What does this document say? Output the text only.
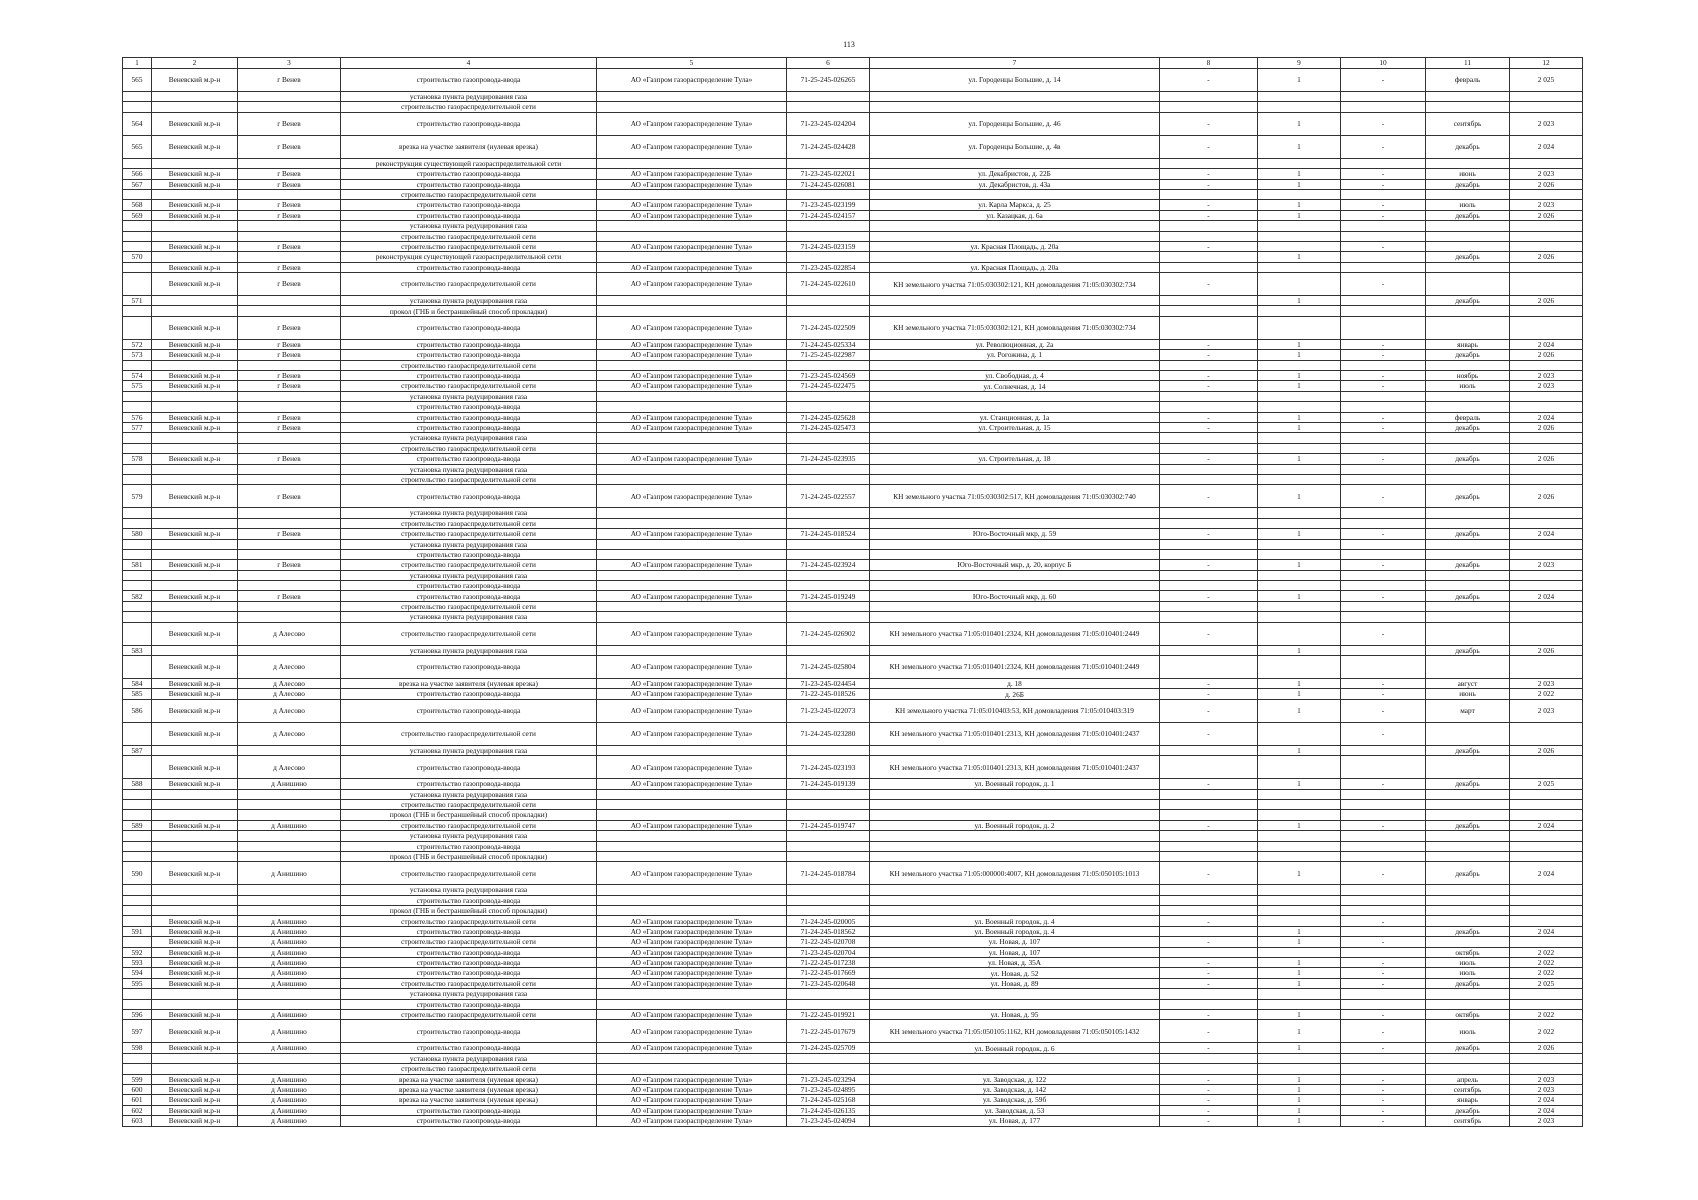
113
1	2	3	4	5	6	7	8	9	10	11	12
565	Веневский м.р-н	г Венев	строительство газопровода-ввода	АО «Газпром газораспределение Тула»	71-25-245-026265	ул. Городенцы Большие, д. 14	-	1	-	февраль	2 025
			установка пункта редуцирования газа								
			строительство газораспределительной сети								
564	Веневский м.р-н	г Венев	строительство газопровода-ввода	АО «Газпром газораспределение Тула»	71-23-245-024204	ул. Городенцы Большие, д. 46	-	1	-	сентябрь	2 023
565	Веневский м.р-н	г Венев	врезка на участке заявителя (нулевая врезка)	АО «Газпром газораспределение Тула»	71-24-245-024428	ул. Городенцы Большие, д. 4в	-	1	-	декабрь	2 024
			реконструкция существующей газораспределительной сети								
566	Веневский м.р-н	г Венев	строительство газопровода-ввода	АО «Газпром газораспределение Тула»	71-23-245-022021	ул. Декабристов, д. 22Б	-	1	-	июнь	2 023
567	Веневский м.р-н	г Венев	строительство газопровода-ввода	АО «Газпром газораспределение Тула»	71-24-245-026081	ул. Декабристов, д. 43а	-	1	-	декабрь	2 026
			строительство газораспределительной сети								
568	Веневский м.р-н	г Венев	строительство газопровода-ввода	АО «Газпром газораспределение Тула»	71-23-245-023199	ул. Карла Маркса, д. 25	-	1	-	июль	2 023
569	Веневский м.р-н	г Венев	строительство газопровода-ввода	АО «Газпром газораспределение Тула»	71-24-245-024157	ул. Казацкая, д. 6а	-	1	-	декабрь	2 026
			установка пункта редуцирования газа								
			строительство газораспределительной сети								
	Веневский м.р-н	г Венев	строительство газораспределительной сети	АО «Газпром газораспределение Тула»	71-24-245-023159	ул. Красная Площадь, д. 20а	-		-		
570			реконструкция существующей газораспределительной сети					1		декабрь	2 026
	Веневский м.р-н	г Венев	строительство газопровода-ввода	АО «Газпром газораспределение Тула»	71-23-245-022854	ул. Красная Площадь, д. 20а					
	Веневский м.р-н	г Венев	строительство газораспределительной сети	АО «Газпром газораспределение Тула»	71-24-245-022610	КН земельного участка 71:05:030302:121, КН домовладения 71:05:030302:734	-		-		
571			установка пункта редуцирования газа					1		декабрь	2 026
			прокол (ГНБ и бестраншейный способ прокладки)								
	Веневский м.р-н	г Венев	строительство газопровода-ввода	АО «Газпром газораспределение Тула»	71-24-245-022509	КН земельного участка 71:05:030302:121, КН домовладения 71:05:030302:734					
572	Веневский м.р-н	г Венев	строительство газопровода-ввода	АО «Газпром газораспределение Тула»	71-24-245-025334	ул. Революционная, д. 2а	-	1	-	январь	2 024
573	Веневский м.р-н	г Венев	строительство газопровода-ввода	АО «Газпром газораспределение Тула»	71-25-245-022987	ул. Рогожина, д. 1	-	1	-	декабрь	2 026
			строительство газораспределительной сети								
574	Веневский м.р-н	г Венев	строительство газопровода-ввода	АО «Газпром газораспределение Тула»	71-23-245-024569	ул. Свободная, д. 4	-	1	-	ноябрь	2 023
575	Веневский м.р-н	г Венев	строительство газораспределительной сети	АО «Газпром газораспределение Тула»	71-24-245-022475	ул. Солнечная, д. 14	-	1	-	июль	2 023
			установка пункта редуцирования газа								
			строительство газопровода-ввода								
576	Веневский м.р-н	г Венев	строительство газопровода-ввода	АО «Газпром газораспределение Тула»	71-24-245-025628	ул. Станционная, д. 1а	-	1	-	февраль	2 024
577	Веневский м.р-н	г Венев	строительство газопровода-ввода	АО «Газпром газораспределение Тула»	71-24-245-025473	ул. Строительная, д. 15	-	1	-	декабрь	2 026
			установка пункта редуцирования газа								
			строительство газораспределительной сети								
578	Веневский м.р-н	г Венев	строительство газопровода-ввода	АО «Газпром газораспределение Тула»	71-24-245-023935	ул. Строительная, д. 18	-	1	-	декабрь	2 026
			установка пункта редуцирования газа								
			строительство газораспределительной сети								
579	Веневский м.р-н	г Венев	строительство газопровода-ввода	АО «Газпром газораспределение Тула»	71-24-245-022557	КН земельного участка 71:05:030302:517, КН домовладения 71:05:030302:740	-	1	-	декабрь	2 026
			установка пункта редуцирования газа								
			строительство газораспределительной сети								
580	Веневский м.р-н	г Венев	строительство газораспределительной сети	АО «Газпром газораспределение Тула»	71-24-245-018524	Юго-Восточный мкр, д. 59	-	1	-	декабрь	2 024
			установка пункта редуцирования газа								
			строительство газопровода-ввода								
581	Веневский м.р-н	г Венев	строительство газораспределительной сети	АО «Газпром газораспределение Тула»	71-24-245-023924	Юго-Восточный мкр, д. 20, корпус Б	-	1	-	декабрь	2 023
			установка пункта редуцирования газа								
			строительство газопровода-ввода								
582	Веневский м.р-н	г Венев	строительство газопровода-ввода	АО «Газпром газораспределение Тула»	71-24-245-019249	Юго-Восточный мкр, д. 60	-	1	-	декабрь	2 024
			строительство газораспределительной сети								
			установка пункта редуцирования газа								
	Веневский м.р-н	д Алесово	строительство газораспределительной сети	АО «Газпром газораспределение Тула»	71-24-245-026902	КН земельного участка 71:05:010401:2324, КН домовладения 71:05:010401:2449	-		-		
583			установка пункта редуцирования газа					1		декабрь	2 026
	Веневский м.р-н	д Алесово	строительство газопровода-ввода	АО «Газпром газораспределение Тула»	71-24-245-025804	КН земельного участка 71:05:010401:2324, КН домовладения 71:05:010401:2449					
584	Веневский м.р-н	д Алесово	врезка на участке заявителя (нулевая врезка)	АО «Газпром газораспределение Тула»	71-23-245-024454	д. 18	-	1	-	август	2 023
585	Веневский м.р-н	д Алесово	строительство газопровода-ввода	АО «Газпром газораспределение Тула»	71-22-245-018526	д. 26Б	-	1	-	июнь	2 022
586	Веневский м.р-н	д Алесово	строительство газопровода-ввода	АО «Газпром газораспределение Тула»	71-23-245-022073	КН земельного участка 71:05:010403:53, КН домовладения 71:05:010403:319	-	1	-	март	2 023
	Веневский м.р-н	д Алесово	строительство газораспределительной сети	АО «Газпром газораспределение Тула»	71-24-245-023280	КН земельного участка 71:05:010401:2313, КН домовладения 71:05:010401:2437	-		-		
587			установка пункта редуцирования газа					1		декабрь	2 026
	Веневский м.р-н	д Алесово	строительство газопровода-ввода	АО «Газпром газораспределение Тула»	71-24-245-023193	КН земельного участка 71:05:010401:2313, КН домовладения 71:05:010401:2437					
588	Веневский м.р-н	д Анишино	строительство газопровода-ввода	АО «Газпром газораспределение Тула»	71-24-245-019139	ул. Военный городок, д. 1	-	1	-	декабрь	2 025
			установка пункта редуцирования газа								
			строительство газораспределительной сети								
			прокол (ГНБ и бестраншейный способ прокладки)								
589	Веневский м.р-н	д Анишино	строительство газораспределительной сети	АО «Газпром газораспределение Тула»	71-24-245-019747	ул. Военный городок, д. 2	-	1	-	декабрь	2 024
			установка пункта редуцирования газа								
			строительство газопровода-ввода								
			прокол (ГНБ и бестраншейный способ прокладки)								
590	Веневский м.р-н	д Анишино	строительство газораспределительной сети	АО «Газпром газораспределение Тула»	71-24-245-018784	КН земельного участка 71:05:000000:4007, КН домовладения 71:05:050105:1013	-	1	-	декабрь	2 024
			установка пункта редуцирования газа								
			строительство газопровода-ввода								
			прокол (ГНБ и бестраншейный способ прокладки)								
	Веневский м.р-н	д Анишино	строительство газораспределительной сети	АО «Газпром газораспределение Тула»	71-24-245-020005	ул. Военный городок, д. 4	-		-		
591	Веневский м.р-н	д Анишино	строительство газопровода-ввода	АО «Газпром газораспределение Тула»	71-24-245-018562	ул. Военный городок, д. 4		1		декабрь	2 024
	Веневский м.р-н	д Анишино	строительство газораспределительной сети	АО «Газпром газораспределение Тула»	71-22-245-020708	ул. Новая, д. 107	-	1	-		
592	Веневский м.р-н	д Анишино	строительство газопровода-ввода	АО «Газпром газораспределение Тула»	71-23-245-020704	ул. Новая, д. 107				октябрь	2 022
593	Веневский м.р-н	д Анишино	строительство газопровода-ввода	АО «Газпром газораспределение Тула»	71-22-245-017238	ул. Новая, д. 35А	-	1	-	июль	2 022
594	Веневский м.р-н	д Анишино	строительство газопровода-ввода	АО «Газпром газораспределение Тула»	71-22-245-017669	ул. Новая, д. 52	-	1	-	июль	2 022
595	Веневский м.р-н	д Анишино	строительство газораспределительной сети	АО «Газпром газораспределение Тула»	71-23-245-020648	ул. Новая, д. 89	-	1	-	декабрь	2 025
			установка пункта редуцирования газа								
			строительство газопровода-ввода								
596	Веневский м.р-н	д Анишино	строительство газораспределительной сети	АО «Газпром газораспределение Тула»	71-22-245-019921	ул. Новая, д. 95	-	1	-	октябрь	2 022
597	Веневский м.р-н	д Анишино	строительство газопровода-ввода	АО «Газпром газораспределение Тула»	71-22-245-017679	КН земельного участка 71:05:050105:1162, КН домовладения 71:05:050105:1432	-	1	-	июль	2 022
598	Веневский м.р-н	д Анишино	строительство газопровода-ввода	АО «Газпром газораспределение Тула»	71-24-245-025709	ул. Военный городок, д. 6	-	1	-	декабрь	2 026
			установка пункта редуцирования газа								
			строительство газораспределительной сети								
599	Веневский м.р-н	д Анишино	врезка на участке заявителя (нулевая врезка)	АО «Газпром газораспределение Тула»	71-23-245-023294	ул. Заводская, д. 122	-	1	-	апрель	2 023
600	Веневский м.р-н	д Анишино	врезка на участке заявителя (нулевая врезка)	АО «Газпром газораспределение Тула»	71-23-245-024895	ул. Заводская, д. 142	-	1	-	сентябрь	2 023
601	Веневский м.р-н	д Анишино	врезка на участке заявителя (нулевая врезка)	АО «Газпром газораспределение Тула»	71-24-245-025168	ул. Заводская, д. 59б	-	1	-	январь	2 024
602	Веневский м.р-н	д Анишино	строительство газопровода-ввода	АО «Газпром газораспределение Тула»	71-24-245-026135	ул. Заводская, д. 53	-	1	-	декабрь	2 024
603	Веневский м.р-н	д Анишино	строительство газопровода-ввода	АО «Газпром газораспределение Тула»	71-23-245-024094	ул. Новая, д. 177	-	1	-	сентябрь	2 023
